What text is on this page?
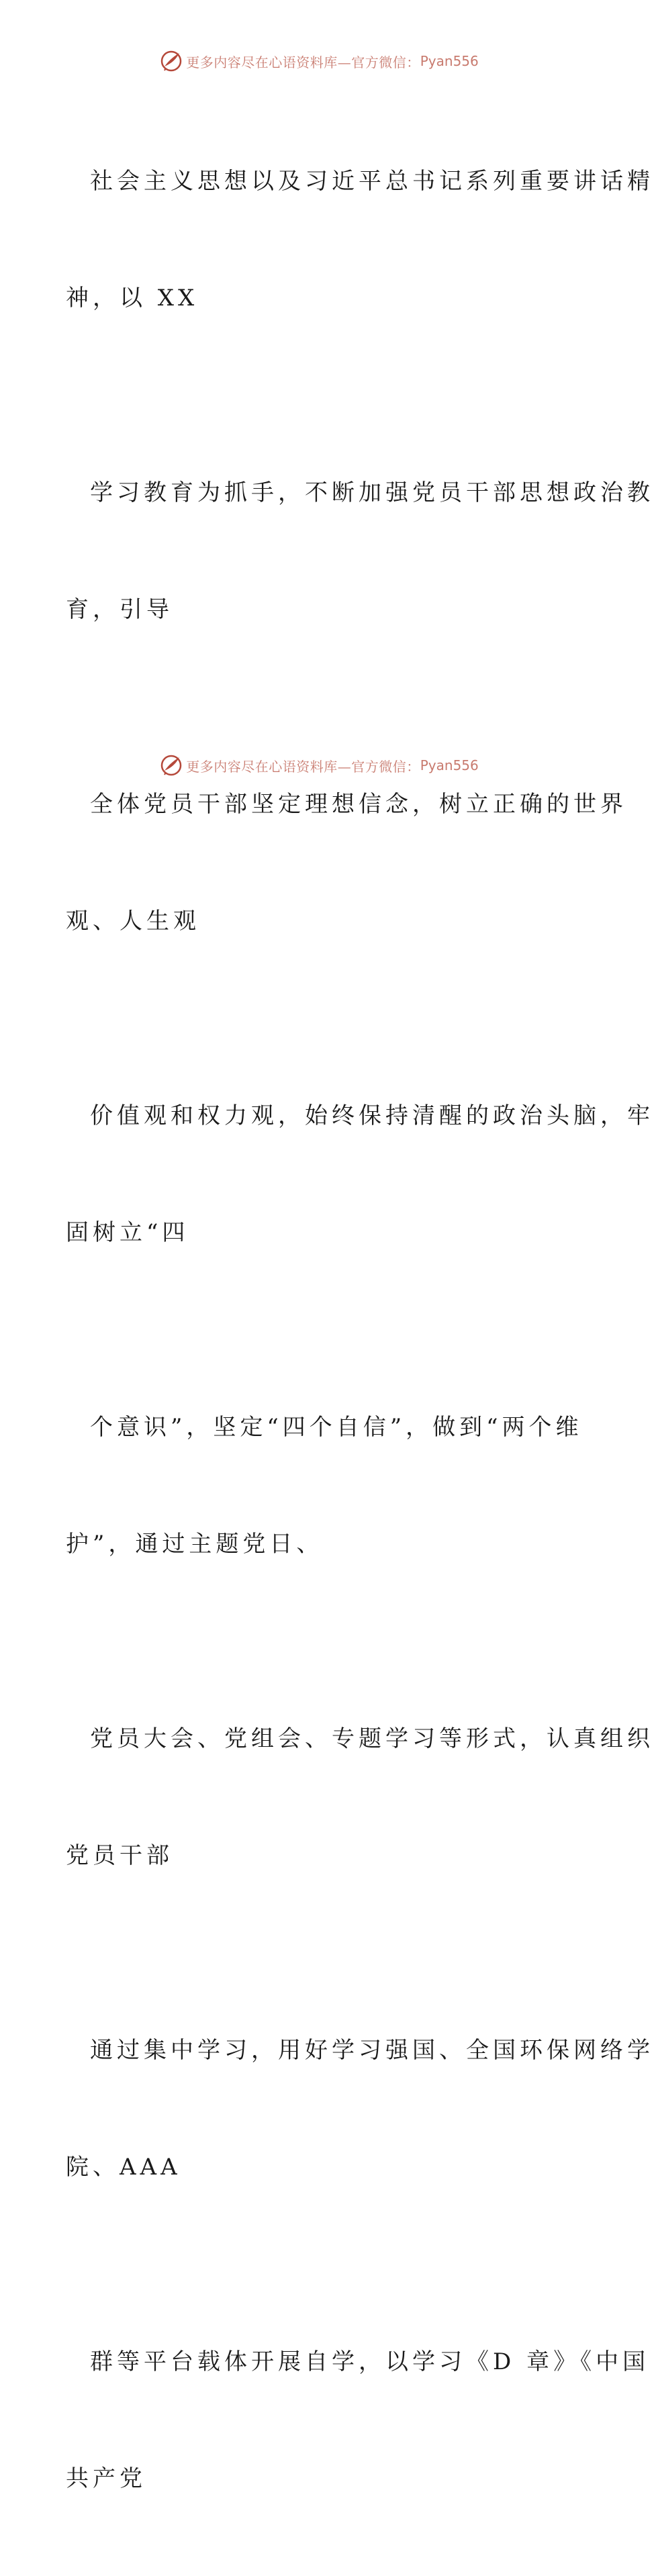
更多内容尽在心语资料库—官方微信： Pyan556

社会主义思想以及习近平总书记系列重要讲话精

神，以 XX

学习教育为抓手，不断加强党员干部思想政治教

育，引导

全体党员干部坚定理想信念，树立正确的世界

观、人生观

价值观和权力观，始终保持清醒的政治头脑，牢

固树立“四

个意识”，坚定“四个自信”，做到“两个维

护”，通过主题党日、

党员大会、党组会、专题学习等形式，认真组织

党员干部

通过集中学习，用好学习强国、全国环保网络学

院、AAA

群等平台载体开展自学，以学习《D 章》《中国

共产党

更多内容尽在心语资料库—官方微信： Pyan556
